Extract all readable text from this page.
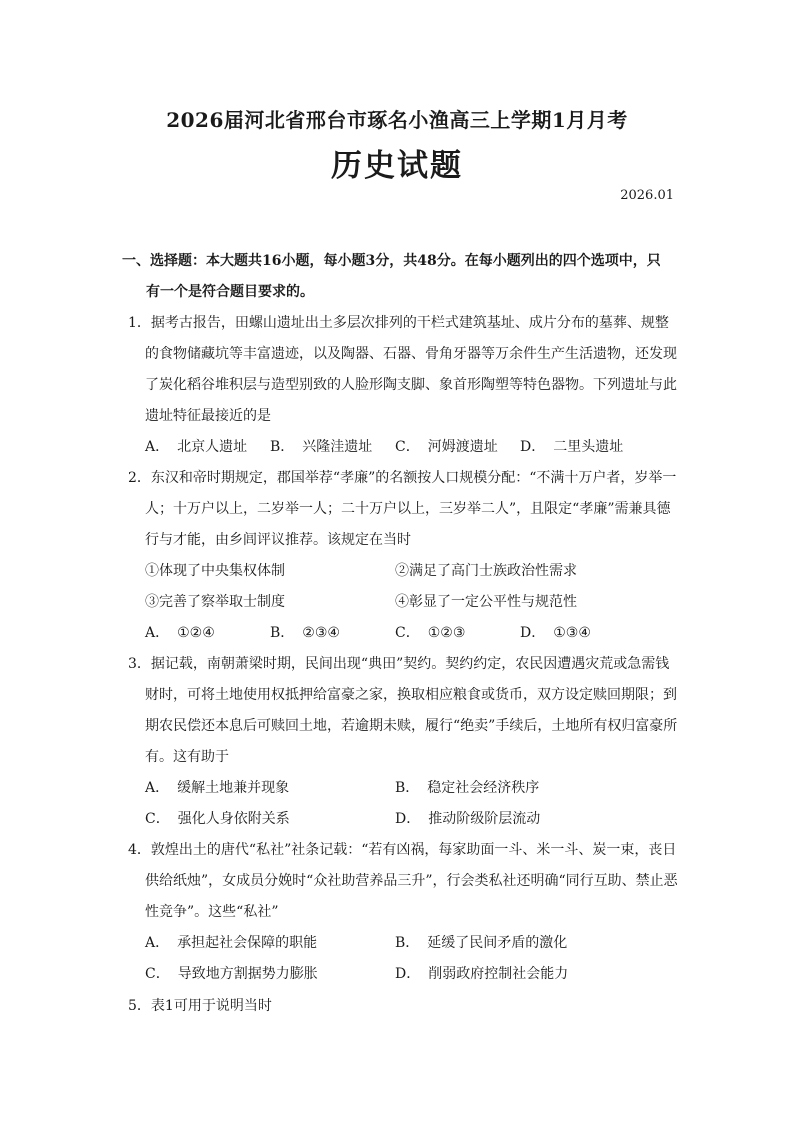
2026届河北省邢台市琢名小渔高三上学期1月月考
历史试题
2026.01
一、选择题：本大题共16小题，每小题3分，共48分。在每小题列出的四个选项中，只
有一个是符合题目要求的。
1．据考古报告，田螺山遗址出土多层次排列的干栏式建筑基址、成片分布的墓葬、规整的食物储藏坑等丰富遗迹，以及陶器、石器、骨角牙器等万余件生产生活遗物，还发现了炭化稻谷堆积层与造型别致的人脸形陶支脚、象首形陶塑等特色器物。下列遗址与此遗址特征最接近的是
A． 北京人遗址	B． 兴隆洼遗址	C． 河姆渡遗址	D． 二里头遗址
2．东汉和帝时期规定，郡国举荐“孝廉”的名额按人口规模分配：“不满十万户者，岁举一人；十万户以上，二岁举一人；二十万户以上，三岁举二人”，且限定“孝廉”需兼具德行与才能，由乡闾评议推荐。该规定在当时
①体现了中央集权体制	②满足了高门士族政治性需求
③完善了察举取士制度	④彰显了一定公平性与规范性
A． ①②④	B． ②③④	C． ①②③	D． ①③④
3．据记载，南朝萧梁时期，民间出现“典田”契约。契约约定，农民因遭遇灾荒或急需钱财时，可将土地使用权抵押给富豪之家，换取相应粮食或货币，双方设定赎回期限；到期农民偿还本息后可赎回土地，若逾期未赎，履行“绝卖”手续后，土地所有权归富豪所有。这有助于
A． 缓解土地兼并现象	B． 稳定社会经济秩序
C． 强化人身依附关系	D． 推动阶级阶层流动
4．敦煌出土的唐代“私社”社条记载：“若有凶祸，每家助面一斗、米一斗、炭一束，丧日供给纸烛”，女成员分娩时“众社助营养品三升”，行会类私社还明确“同行互助、禁止恶性竞争”。这些“私社”
A． 承担起社会保障的职能	B． 延缓了民间矛盾的激化
C． 导致地方割据势力膨胀	D． 削弱政府控制社会能力
5．表1可用于说明当时
